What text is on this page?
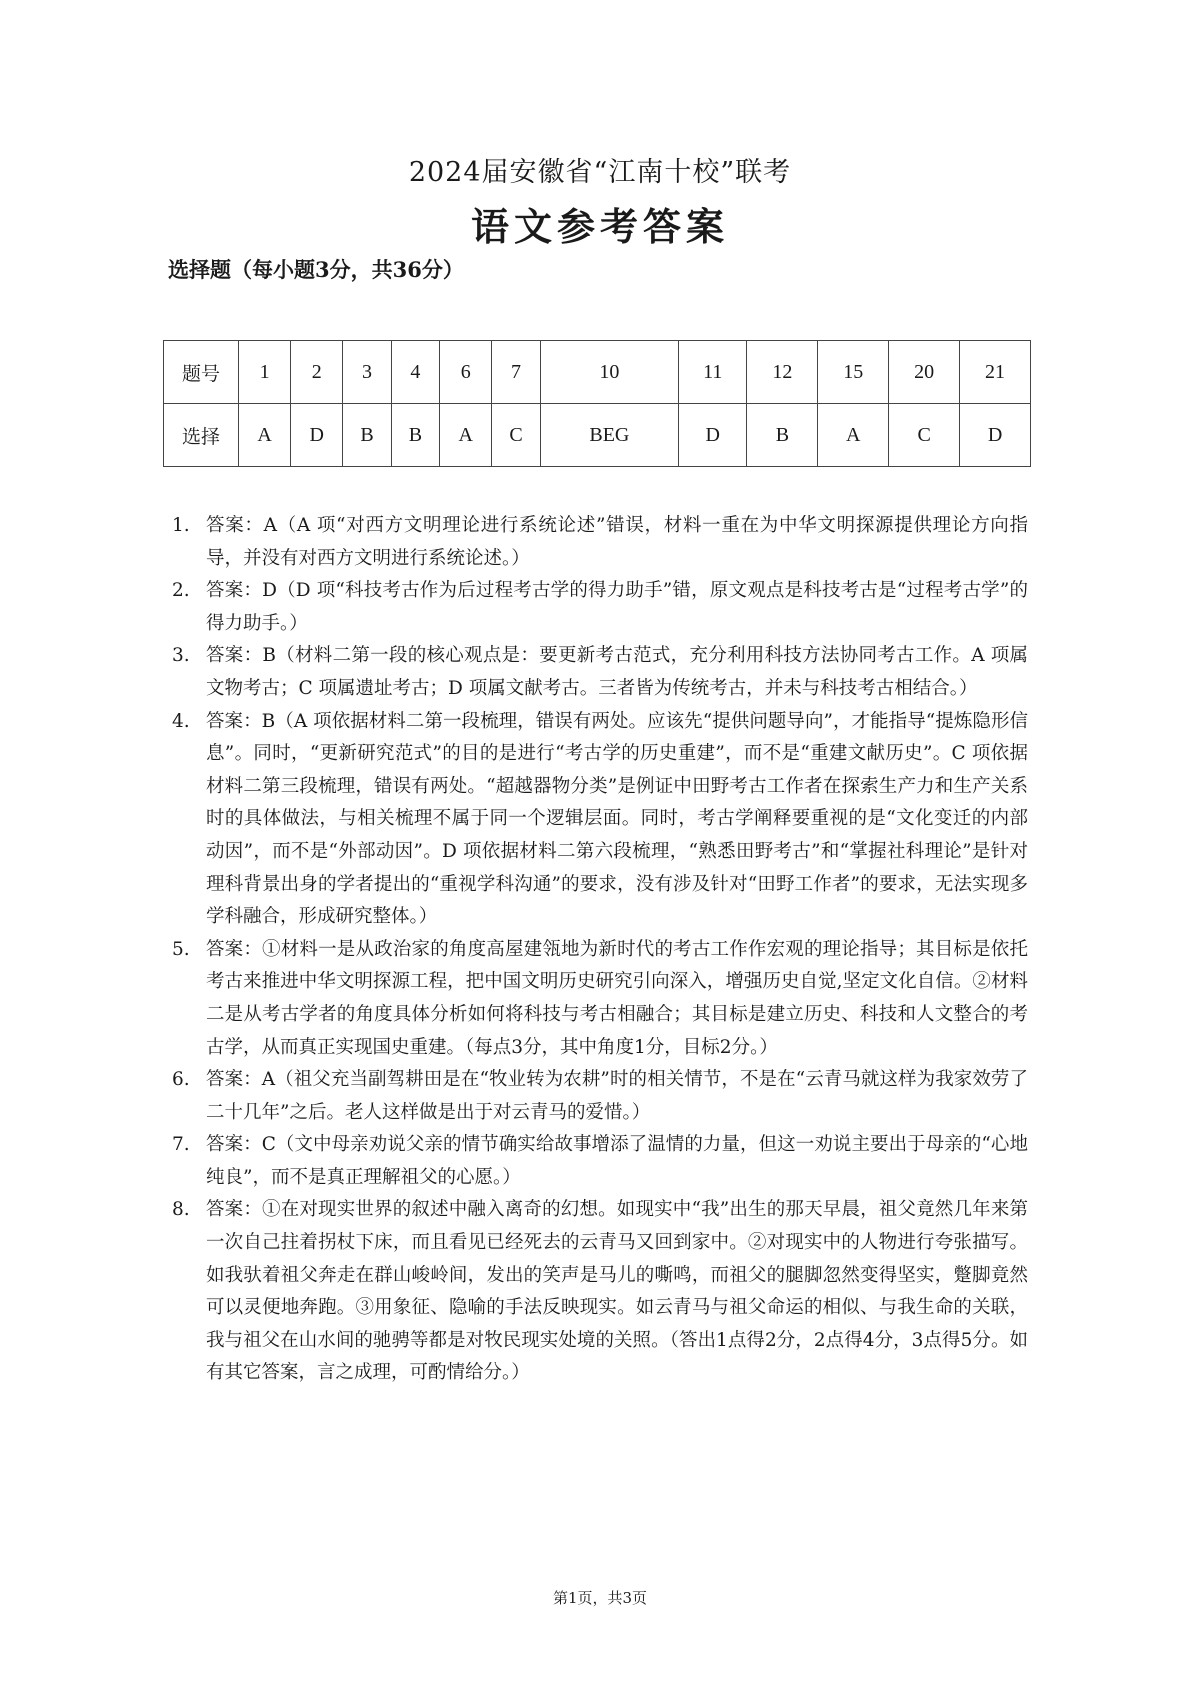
2024届安徽省“江南十校”联考
语文参考答案
选择题（每小题3分，共36分）
题号	1	2	3	4	6	7	10	11	12	15	20	21
选择	A	D	B	B	A	C	BEG	D	B	A	C	D
1. 答案：A（A 项“对西方文明理论进行系统论述”错误，材料一重在为中华文明探源提供理论方向指导，并没有对西方文明进行系统论述。）
2. 答案：D（D 项“科技考古作为后过程考古学的得力助手”错，原文观点是科技考古是“过程考古学”的得力助手。）
3. 答案：B（材料二第一段的核心观点是：要更新考古范式，充分利用科技方法协同考古工作。A 项属文物考古；C 项属遗址考古；D 项属文献考古。三者皆为传统考古，并未与科技考古相结合。）
4. 答案：B（A 项依据材料二第一段梳理，错误有两处。应该先“提供问题导向”，才能指导“提炼隐形信息”。同时，“更新研究范式”的目的是进行“考古学的历史重建”，而不是“重建文献历史”。C 项依据材料二第三段梳理，错误有两处。“超越器物分类”是例证中田野考古工作者在探索生产力和生产关系时的具体做法，与相关梳理不属于同一个逻辑层面。同时，考古学阐释要重视的是“文化变迁的内部动因”，而不是“外部动因”。D 项依据材料二第六段梳理，“熟悉田野考古”和“掌握社科理论”是针对理科背景出身的学者提出的“重视学科沟通”的要求，没有涉及针对“田野工作者”的要求，无法实现多学科融合，形成研究整体。）
5. 答案：①材料一是从政治家的角度高屋建瓴地为新时代的考古工作作宏观的理论指导；其目标是依托考古来推进中华文明探源工程，把中国文明历史研究引向深入，增强历史自觉,坚定文化自信。②材料二是从考古学者的角度具体分析如何将科技与考古相融合；其目标是建立历史、科技和人文整合的考古学，从而真正实现国史重建。（每点3分，其中角度1分，目标2分。）
6. 答案：A（祖父充当副驾耕田是在“牧业转为农耕”时的相关情节，不是在“云青马就这样为我家效劳了二十几年”之后。老人这样做是出于对云青马的爱惜。）
7. 答案：C（文中母亲劝说父亲的情节确实给故事增添了温情的力量，但这一劝说主要出于母亲的“心地纯良”，而不是真正理解祖父的心愿。）
8. 答案：①在对现实世界的叙述中融入离奇的幻想。如现实中“我”出生的那天早晨，祖父竟然几年来第一次自己拄着拐杖下床，而且看见已经死去的云青马又回到家中。②对现实中的人物进行夸张描写。如我驮着祖父奔走在群山峻岭间，发出的笑声是马儿的嘶鸣，而祖父的腿脚忽然变得坚实，蹩脚竟然可以灵便地奔跑。③用象征、隐喻的手法反映现实。如云青马与祖父命运的相似、与我生命的关联，我与祖父在山水间的驰骋等都是对牧民现实处境的关照。（答出1点得2分，2点得4分，3点得5分。如有其它答案，言之成理，可酌情给分。）
第1页，共3页
